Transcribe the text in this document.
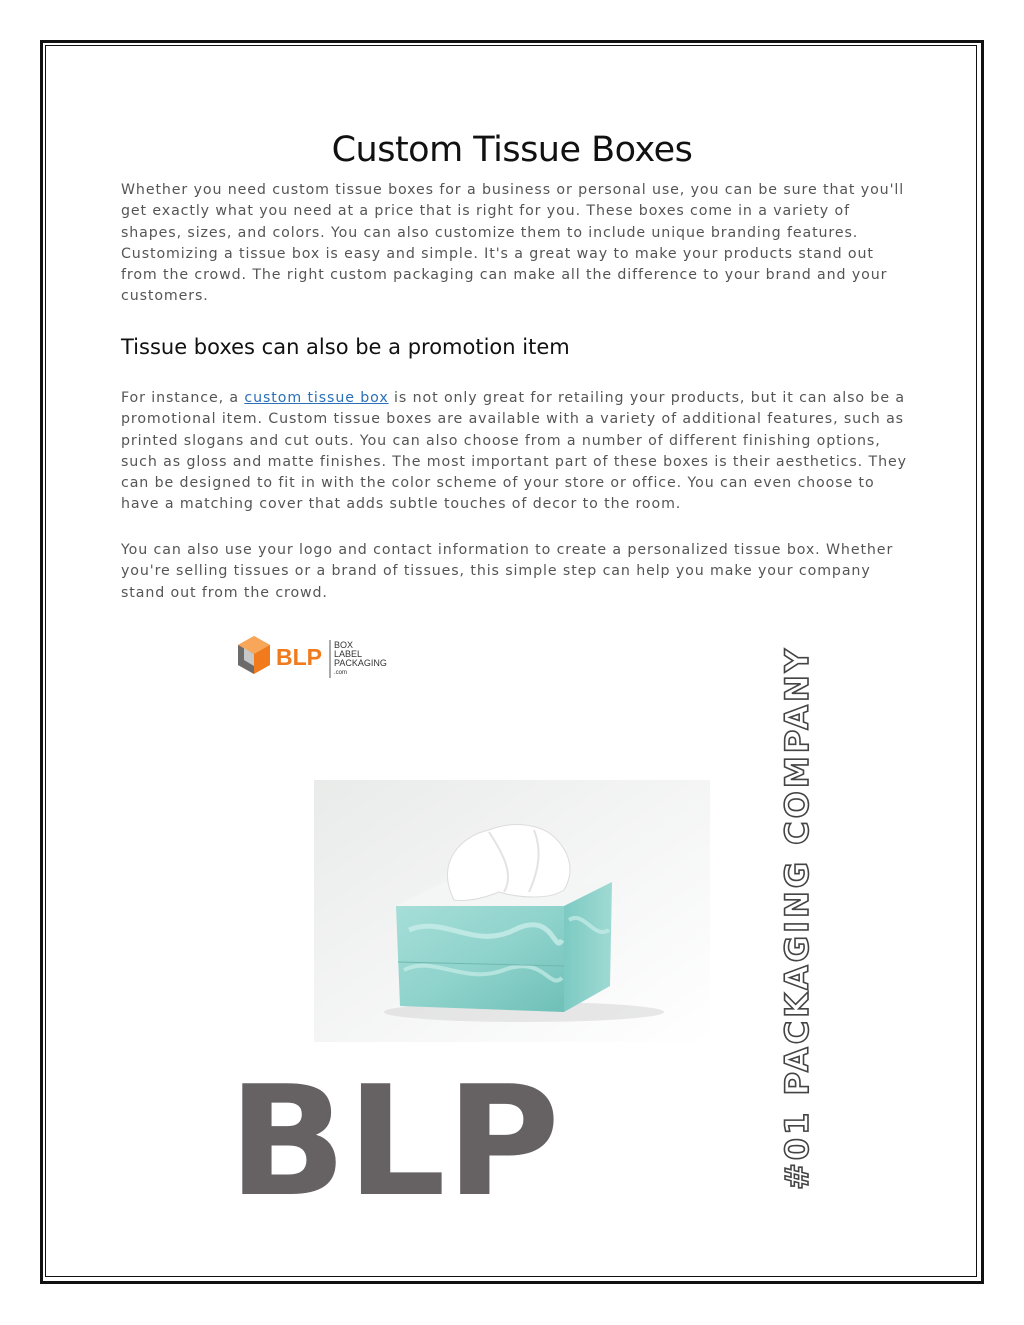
Custom Tissue Boxes

Whether you need custom tissue boxes for a business or personal use, you can be sure that you'll get exactly what you need at a price that is right for you. These boxes come in a variety of shapes, sizes, and colors. You can also customize them to include unique branding features. Customizing a tissue box is easy and simple. It's a great way to make your products stand out from the crowd. The right custom packaging can make all the difference to your brand and your customers.

Tissue boxes can also be a promotion item

For instance, a custom tissue box is not only great for retailing your products, but it can also be a promotional item. Custom tissue boxes are available with a variety of additional features, such as printed slogans and cut outs. You can also choose from a number of different finishing options, such as gloss and matte finishes. The most important part of these boxes is their aesthetics. They can be designed to fit in with the color scheme of your store or office. You can even choose to have a matching cover that adds subtle touches of decor to the room.

You can also use your logo and contact information to create a personalized tissue box. Whether you're selling tissues or a brand of tissues, this simple step can help you make your company stand out from the crowd.

BLP BOX
LABEL
PACKAGING
.com
BLP	#01 PACKAGING COMPANY
